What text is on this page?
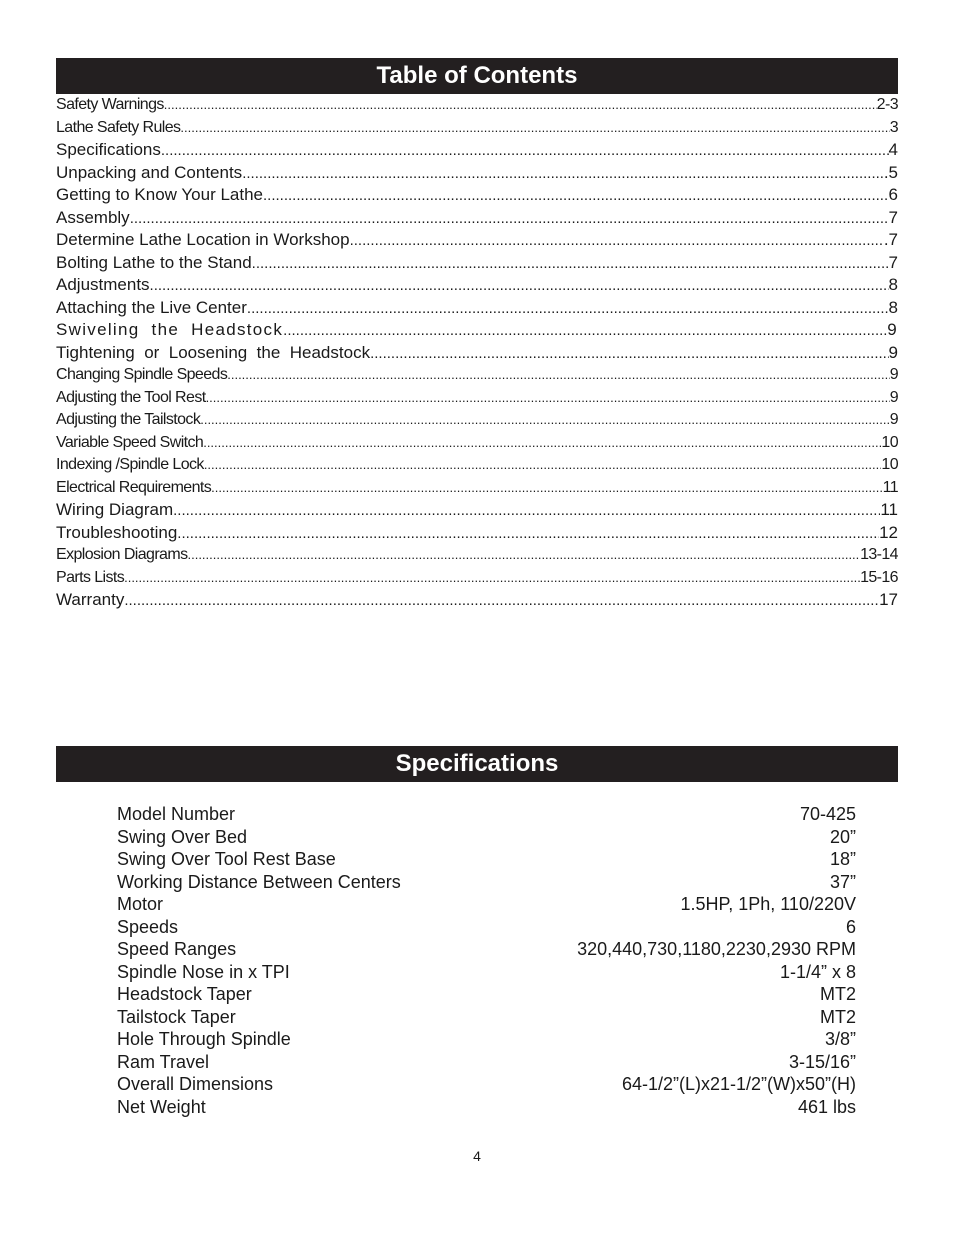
Table of Contents
Safety Warnings .....	2-3
Lathe Safety Rules .....	3
Specifications .....	4
Unpacking and Contents .....	.5
Getting to Know Your Lathe .....	6
Assembly .....	7
Determine Lathe Location in Workshop .....	.7
Bolting Lathe to the Stand .....	7
Adjustments .....	8
Attaching the Live Center .....	8
Swiveling  the  Headstock .....	9
Tightening  or  Loosening  the  Headstock .....	9
Changing Spindle Speeds .....	9
Adjusting the Tool Rest .....	9
Adjusting the Tailstock .....	9
Variable Speed Switch .....	10
Indexing /Spindle Lock .....	10
Electrical Requirements .....	11
Wiring Diagram .....	11
Troubleshooting .....	12
Explosion Diagrams .....	13-14
Parts Lists .....	15-16
Warranty .....	17
Specifications
Model Number	70-425
Swing Over Bed	20”
Swing Over Tool Rest Base	18”
Working Distance Between Centers	37”
Motor	1.5HP, 1Ph, 110/220V
Speeds	6
Speed Ranges	320,440,730,1180,2230,2930 RPM
Spindle Nose in x TPI	1-1/4” x 8
Headstock Taper	MT2
Tailstock Taper	MT2
Hole Through Spindle	3/8”
Ram Travel	3-15/16”
Overall Dimensions	64-1/2”(L)x21-1/2”(W)x50”(H)
Net Weight	461 lbs
4
